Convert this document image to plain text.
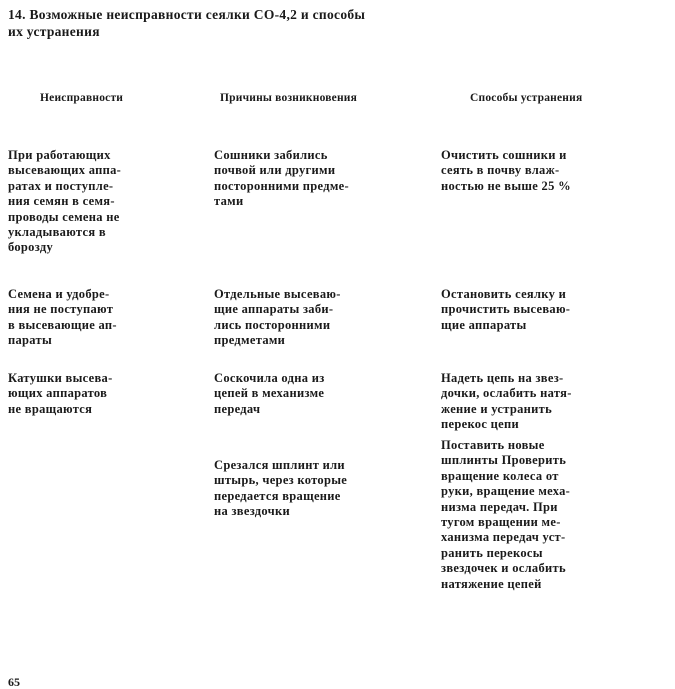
14. Возможные неисправности сеялки СО-4,2 и способы
их устранения
Неисправности	Причины возникновения	Способы устранения
При работающих
высевающих аппа-
ратах и поступле-
ния семян в семя-
проводы семена не
укладываются в
борозду
Сошники забились
почвой или другими
постоpонними предме-
тами
Очистить сошники и
сеять в почву влаж-
ностью не выше 25 %
Семена и удобре-
ния не поступают
в высевающие ап-
параты
Отдельные высеваю-
щие аппараты заби-
лись посторонними
предметами
Остановить сеялку и
прочистить высеваю-
щие аппараты
Катушки высева-
ющих аппаратов
не вращаются
Соскочила одна из
цепей в механизме
передач
Надеть цепь на звез-
дочки, ослабить натя-
жение и устранить
перекос цепи
Срезался шплинт или
штырь, через которые
передается вращение
на звездочки
Поставить новые
шплинты Проверить
вращение колеса от
руки, вращение меха-
низма передач. При
тугом вращении ме-
ханизма передач уст-
ранить перекосы
звездочек и ослабить
натяжение цепей
65
